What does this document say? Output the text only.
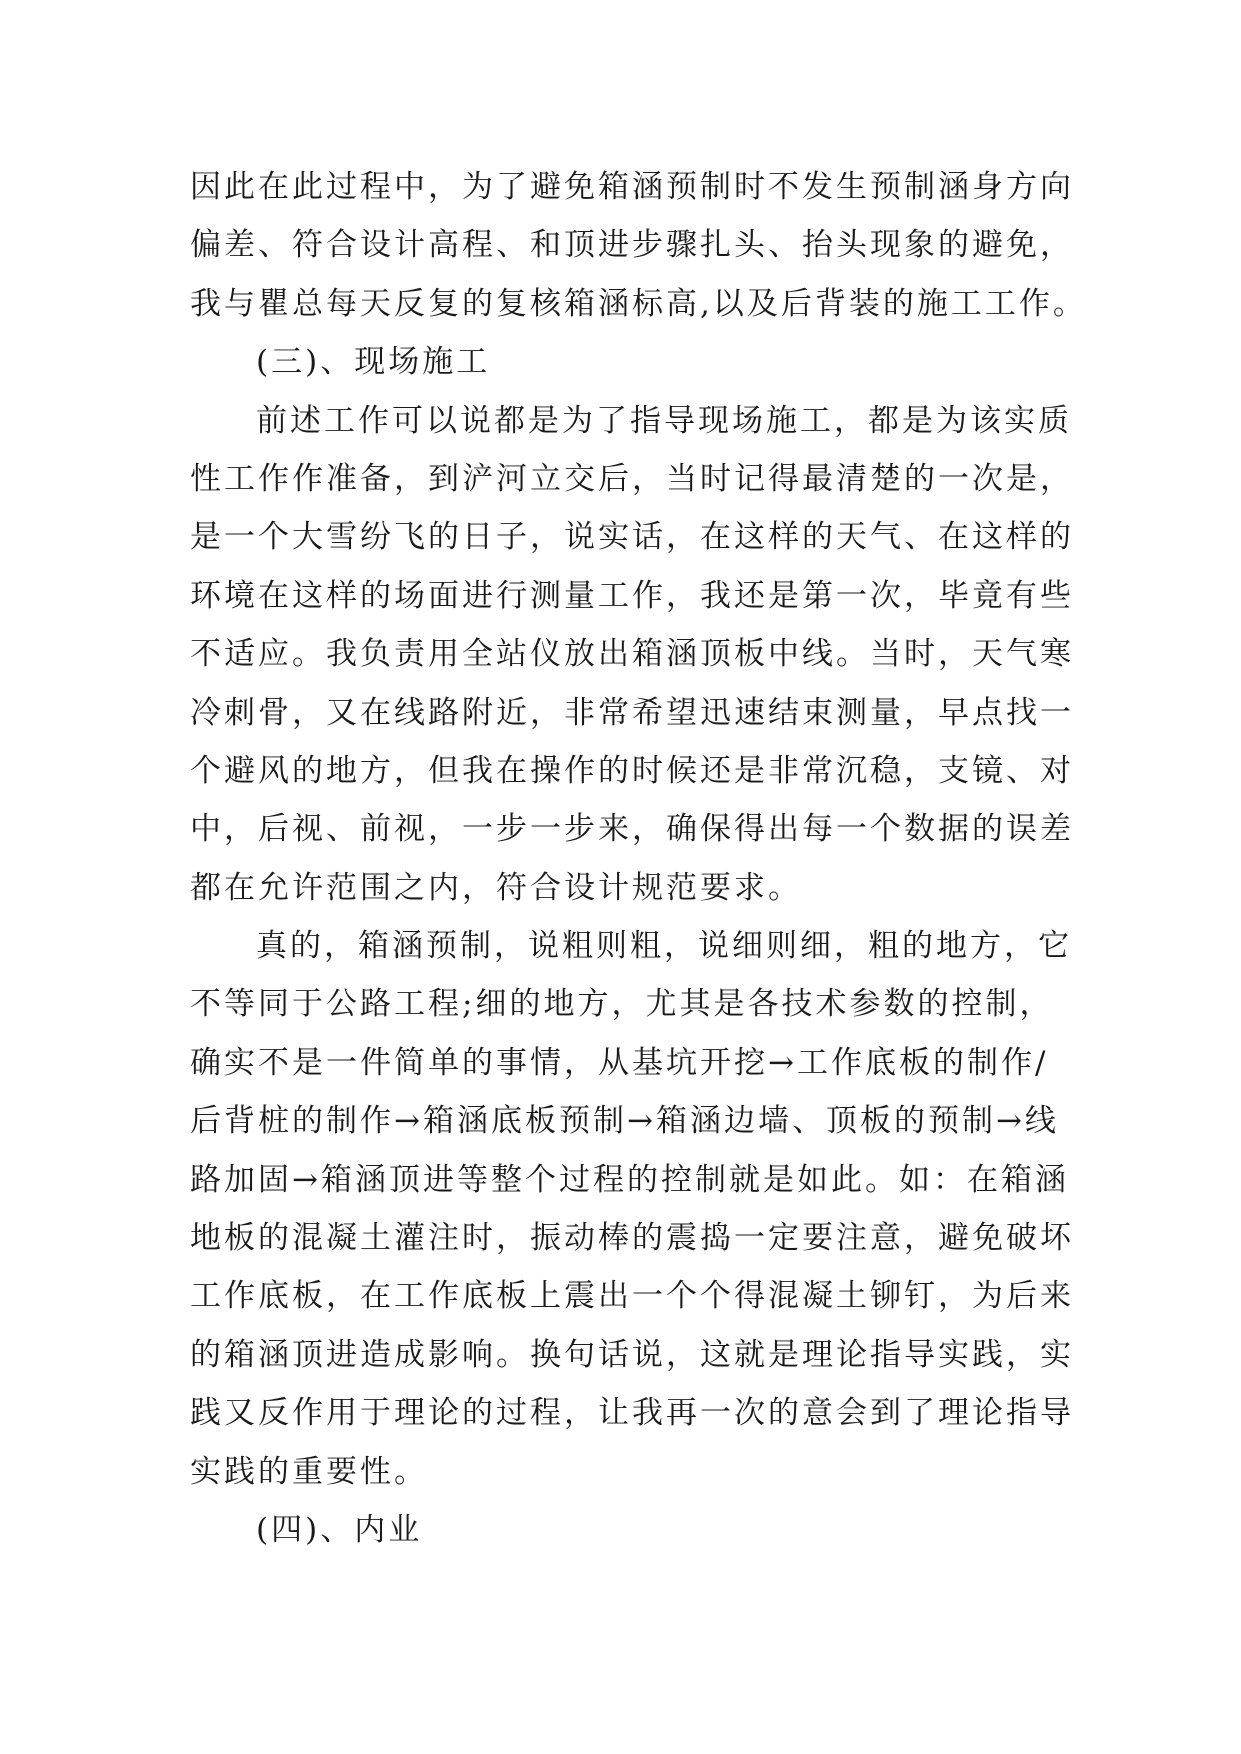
因此在此过程中，为了避免箱涵预制时不发生预制涵身方向
偏差、符合设计高程、和顶进步骤扎头、抬头现象的避免，
我与瞿总每天反复的复核箱涵标高,以及后背装的施工工作。
(三)、现场施工
前述工作可以说都是为了指导现场施工，都是为该实质
性工作作准备，到浐河立交后，当时记得最清楚的一次是，
是一个大雪纷飞的日子，说实话，在这样的天气、在这样的
环境在这样的场面进行测量工作，我还是第一次，毕竟有些
不适应。我负责用全站仪放出箱涵顶板中线。当时，天气寒
冷刺骨，又在线路附近，非常希望迅速结束测量，早点找一
个避风的地方，但我在操作的时候还是非常沉稳，支镜、对
中，后视、前视，一步一步来，确保得出每一个数据的误差
都在允许范围之内，符合设计规范要求。
真的，箱涵预制，说粗则粗，说细则细，粗的地方，它
不等同于公路工程;细的地方，尤其是各技术参数的控制，
确实不是一件简单的事情，从基坑开挖→工作底板的制作/
后背桩的制作→箱涵底板预制→箱涵边墙、顶板的预制→线
路加固→箱涵顶进等整个过程的控制就是如此。如：在箱涵
地板的混凝土灌注时，振动棒的震捣一定要注意，避免破坏
工作底板，在工作底板上震出一个个得混凝土铆钉，为后来
的箱涵顶进造成影响。换句话说，这就是理论指导实践，实
践又反作用于理论的过程，让我再一次的意会到了理论指导
实践的重要性。
(四)、内业
